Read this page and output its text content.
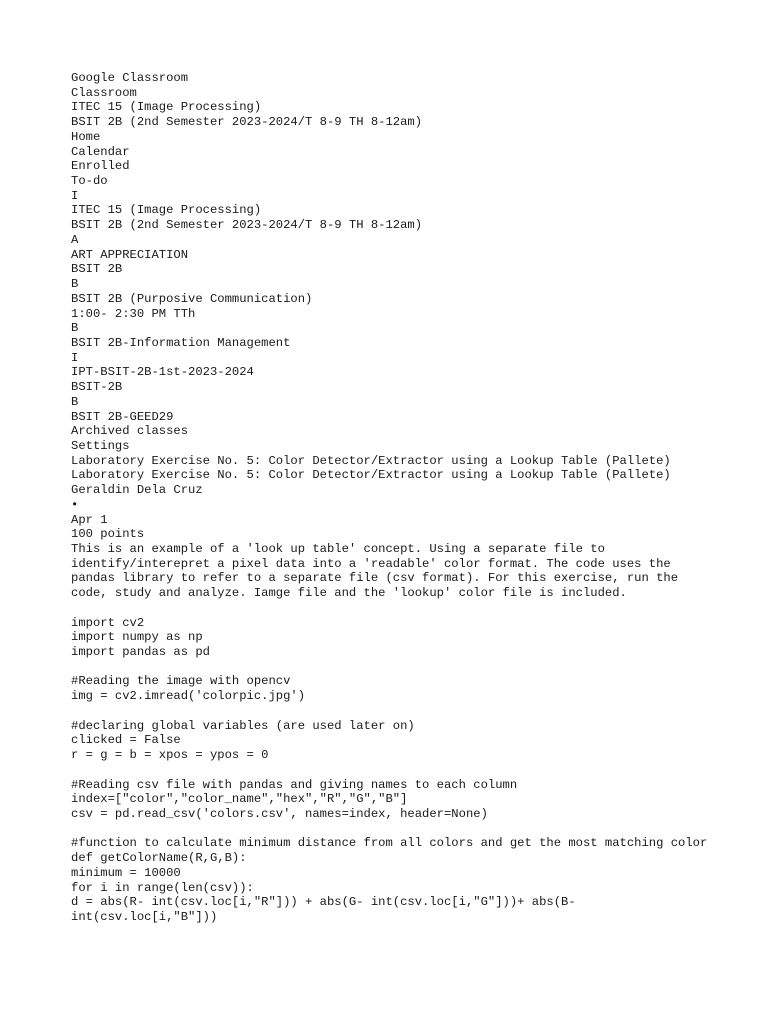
Google Classroom
Classroom
ITEC 15 (Image Processing)
BSIT 2B (2nd Semester 2023-2024/T 8-9 TH 8-12am)
Home
Calendar
Enrolled
To-do
I
ITEC 15 (Image Processing)
BSIT 2B (2nd Semester 2023-2024/T 8-9 TH 8-12am)
A
ART APPRECIATION
BSIT 2B
B
BSIT 2B (Purposive Communication)
1:00- 2:30 PM TTh
B
BSIT 2B-Information Management
I
IPT-BSIT-2B-1st-2023-2024
BSIT-2B
B
BSIT 2B-GEED29
Archived classes
Settings
Laboratory Exercise No. 5: Color Detector/Extractor using a Lookup Table (Pallete)
Laboratory Exercise No. 5: Color Detector/Extractor using a Lookup Table (Pallete)
Geraldin Dela Cruz
•
Apr 1
100 points
This is an example of a 'look up table' concept. Using a separate file to identify/interepret a pixel data into a 'readable' color format. The code uses the pandas library to refer to a separate file (csv format). For this exercise, run the code, study and analyze. Iamge file and the 'lookup' color file is included.
import cv2
import numpy as np
import pandas as pd
#Reading the image with opencv
img = cv2.imread('colorpic.jpg')
#declaring global variables (are used later on)
clicked = False
r = g = b = xpos = ypos = 0
#Reading csv file with pandas and giving names to each column
index=["color","color_name","hex","R","G","B"]
csv = pd.read_csv('colors.csv', names=index, header=None)
#function to calculate minimum distance from all colors and get the most matching color
def getColorName(R,G,B):
minimum = 10000
for i in range(len(csv)):
d = abs(R- int(csv.loc[i,"R"])) + abs(G- int(csv.loc[i,"G"]))+ abs(B- int(csv.loc[i,"B"]))
